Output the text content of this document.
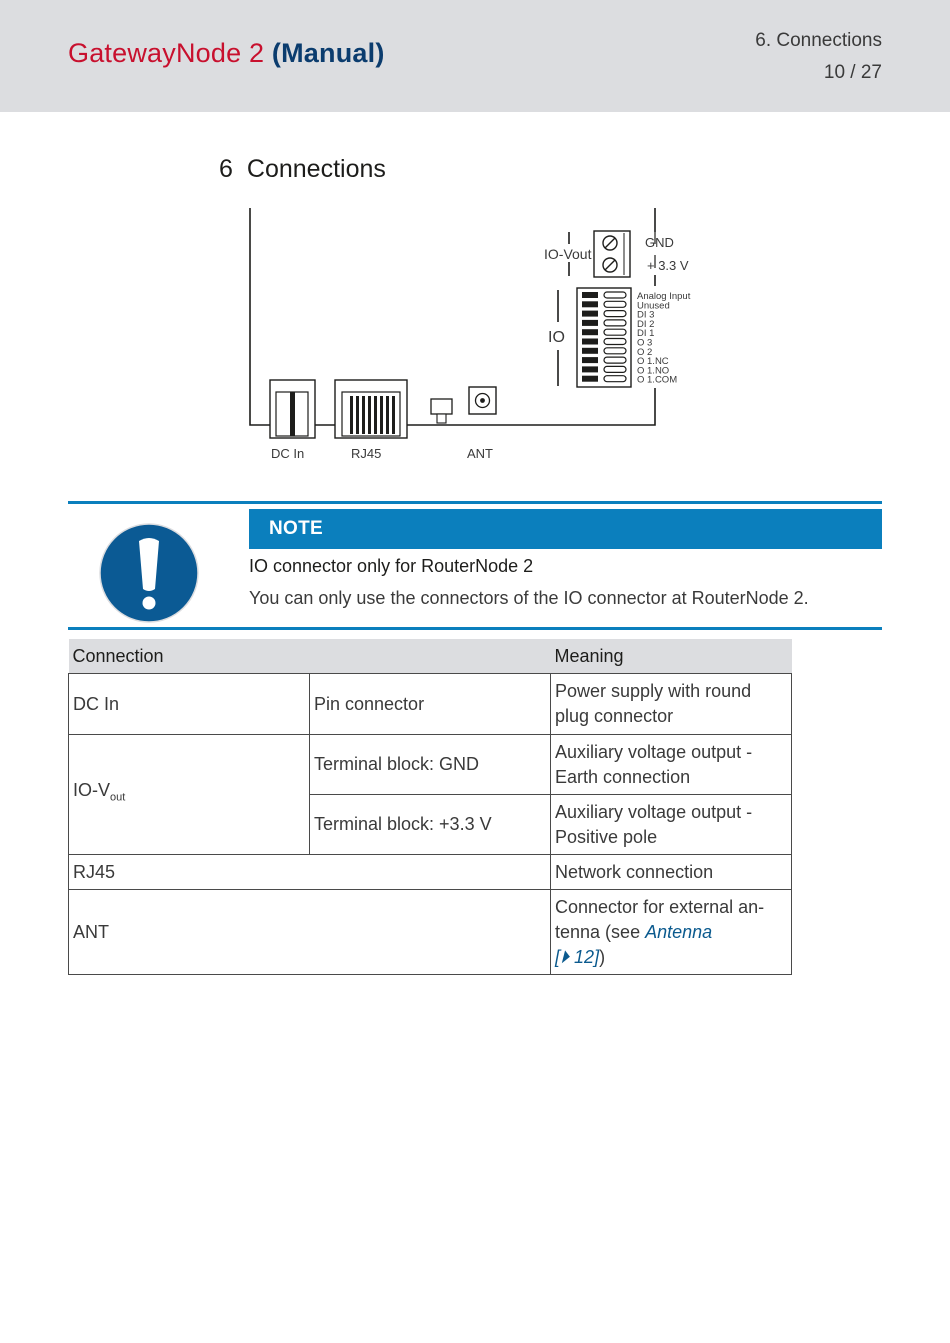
GatewayNode 2 (Manual)	6. Connections
10 / 27
6 Connections
IO-Vout
GND
+ 3.3 V
IO
DC In	RJ45	ANT
Analog Input
Unused
DI 3
DI 2
DI 1
O 3
O 2
O 1.NC
O 1.NO
O 1.COM
NOTE
IO connector only for RouterNode 2
You can only use the connectors of the IO connector at RouterNode 2.
Connection		Meaning
DC In	Pin connector	Power supply with round plug connector
$IO-V_{out}$	Terminal block: GND	Auxiliary voltage output - Earth connection
	Terminal block: +3.3 V	Auxiliary voltage output - Positive pole
RJ45		Network connection
ANT		Connector for external an-tenna (see Antenna
[⏵ 12])
